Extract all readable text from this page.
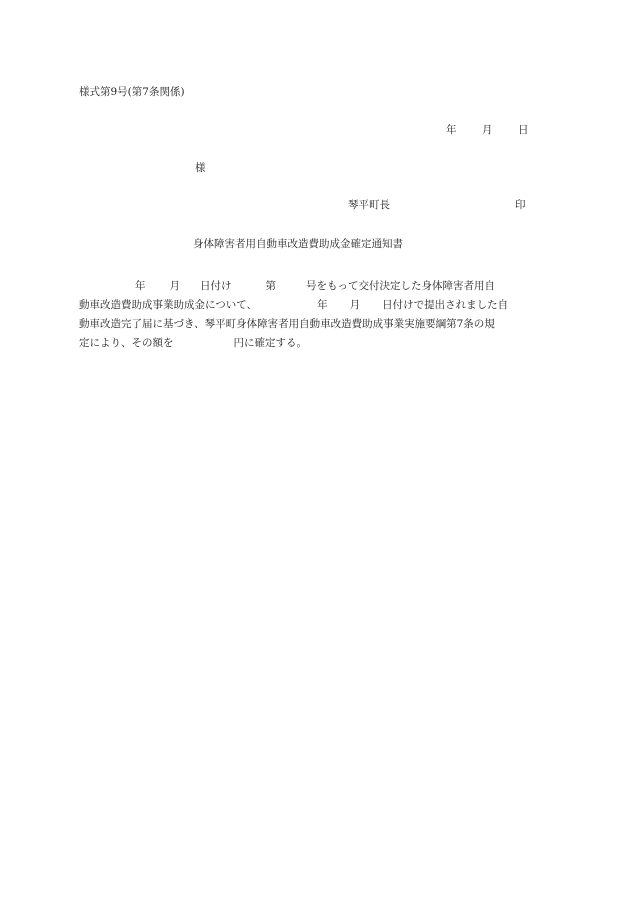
様式第9号(第7条関係)
年 月 日
様
琴平町長	印
身体障害者用自動車改造費助成金確定通知書
年 月 日付け	第	号をもって交付決定した身体障害者用自
動車改造費助成事業助成金について、	年 月 日付けで提出されました自
動車改造完了届に基づき、琴平町身体障害者用自動車改造費助成事業実施要綱第7条の規
定により、その額を	円に確定する。
